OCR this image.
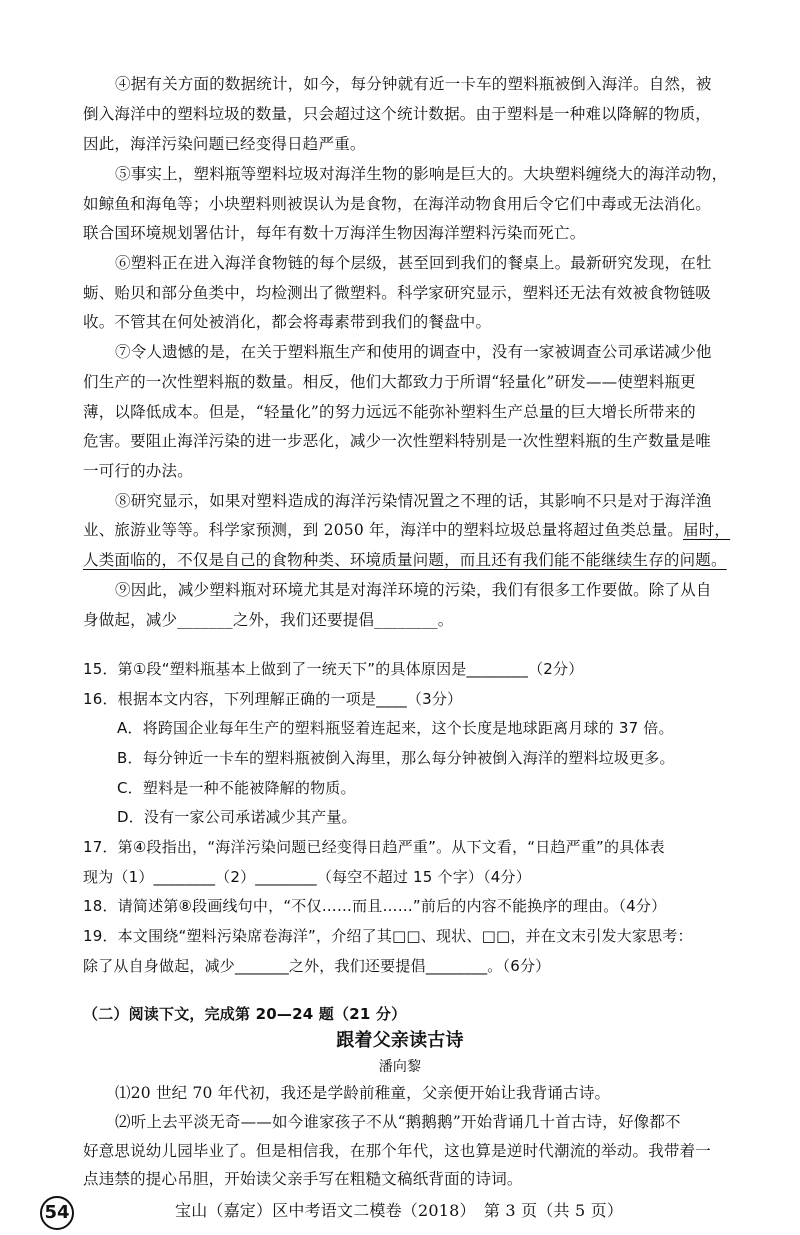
④据有关方面的数据统计，如今，每分钟就有近一卡车的塑料瓶被倒入海洋。自然，被
倒入海洋中的塑料垃圾的数量，只会超过这个统计数据。由于塑料是一种难以降解的物质，
因此，海洋污染问题已经变得日趋严重。
⑤事实上，塑料瓶等塑料垃圾对海洋生物的影响是巨大的。大块塑料缠绕大的海洋动物，
如鲸鱼和海龟等；小块塑料则被误认为是食物，在海洋动物食用后令它们中毒或无法消化。
联合国环境规划署估计，每年有数十万海洋生物因海洋塑料污染而死亡。
⑥塑料正在进入海洋食物链的每个层级，甚至回到我们的餐桌上。最新研究发现，在牡
蛎、贻贝和部分鱼类中，均检测出了微塑料。科学家研究显示，塑料还无法有效被食物链吸
收。不管其在何处被消化，都会将毒素带到我们的餐盘中。
⑦令人遗憾的是，在关于塑料瓶生产和使用的调查中，没有一家被调查公司承诺减少他
们生产的一次性塑料瓶的数量。相反，他们大都致力于所谓“轻量化”研发——使塑料瓶更
薄，以降低成本。但是，“轻量化”的努力远远不能弥补塑料生产总量的巨大增长所带来的
危害。要阻止海洋污染的进一步恶化，减少一次性塑料特别是一次性塑料瓶的生产数量是唯
一可行的办法。
⑧研究显示，如果对塑料造成的海洋污染情况置之不理的话，其影响不只是对于海洋渔
业、旅游业等等。科学家预测，到 2050 年，海洋中的塑料垃圾总量将超过鱼类总量。届时，
人类面临的，不仅是自己的食物种类、环境质量问题，而且还有我们能不能继续生存的问题。
⑨因此，减少塑料瓶对环境尤其是对海洋环境的污染，我们有很多工作要做。除了从自
身做起，减少_______之外，我们还要提倡________。
15．第①段“塑料瓶基本上做到了一统天下”的具体原因是________（2分）
16．根据本文内容，下列理解正确的一项是____（3分）
A．将跨国企业每年生产的塑料瓶竖着连起来，这个长度是地球距离月球的 37 倍。
B．每分钟近一卡车的塑料瓶被倒入海里，那么每分钟被倒入海洋的塑料垃圾更多。
C．塑料是一种不能被降解的物质。
D．没有一家公司承诺减少其产量。
17．第④段指出，“海洋污染问题已经变得日趋严重”。从下文看，“日趋严重”的具体表
现为（1）________（2）________（每空不超过 15 个字）（4分）
18．请简述第⑧段画线句中，“不仅……而且……”前后的内容不能换序的理由。（4分）
19．本文围绕“塑料污染席卷海洋”，介绍了其□□、现状、□□，并在文末引发大家思考：
除了从自身做起，减少_______之外，我们还要提倡________。（6分）
（二）阅读下文，完成第 20—24 题（21 分）
跟着父亲读古诗
潘向黎
⑴20 世纪 70 年代初，我还是学龄前稚童，父亲便开始让我背诵古诗。
⑵听上去平淡无奇——如今谁家孩子不从“鹅鹅鹅”开始背诵几十首古诗，好像都不
好意思说幼儿园毕业了。但是相信我，在那个年代，这也算是逆时代潮流的举动。我带着一
点违禁的提心吊胆，开始读父亲手写在粗糙文稿纸背面的诗词。
54	宝山（嘉定）区中考语文二模卷（2018）　第 3 页（共 5 页）
